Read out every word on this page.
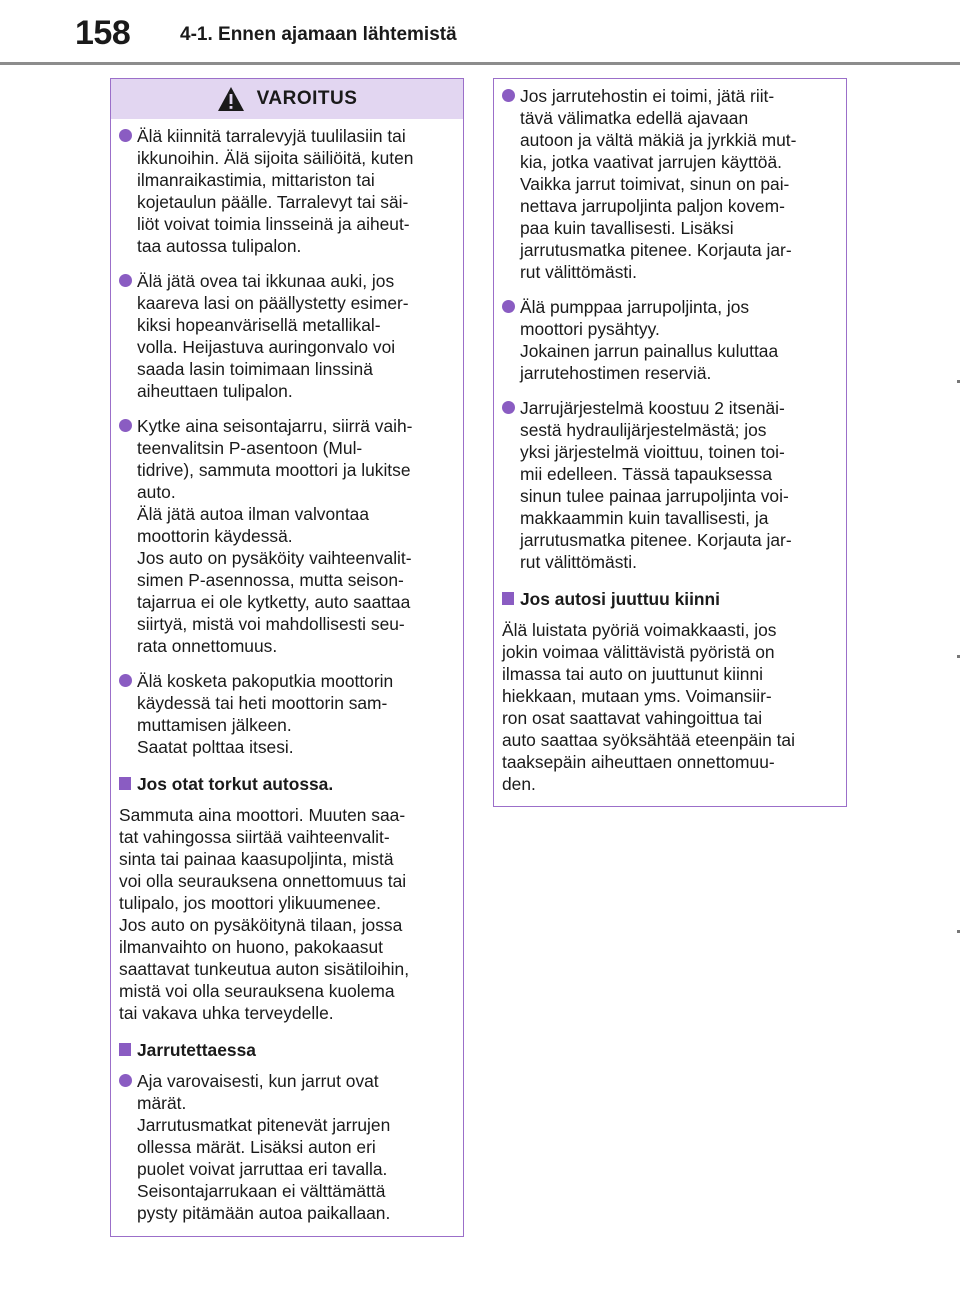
158	4-1. Ennen ajamaan lähtemistä
VAROITUS

Älä kiinnitä tarralevyjä tuulilasiin tai
ikkunoihin. Älä sijoita säiliöitä, kuten
ilmanraikastimia, mittariston tai
kojetaulun päälle. Tarralevyt tai säi-
liöt voivat toimia linsseinä ja aiheut-
taa autossa tulipalon.

Älä jätä ovea tai ikkunaa auki, jos
kaareva lasi on päällystetty esimer-
kiksi hopeanvärisellä metallikal-
volla. Heijastuva auringonvalo voi
saada lasin toimimaan linssinä
aiheuttaen tulipalon.

Kytke aina seisontajarru, siirrä vaih-
teenvalitsin P-asentoon (Mul-
tidrive), sammuta moottori ja lukitse
auto.
Älä jätä autoa ilman valvontaa
moottorin käydessä.
Jos auto on pysäköity vaihteenvalit-
simen P-asennossa, mutta seison-
tajarrua ei ole kytketty, auto saattaa
siirtyä, mistä voi mahdollisesti seu-
rata onnettomuus.

Älä kosketa pakoputkia moottorin
käydessä tai heti moottorin sam-
muttamisen jälkeen.
Saatat polttaa itsesi.

Jos otat torkut autossa.

Sammuta aina moottori. Muuten saa-
tat vahingossa siirtää vaihteenvalit-
sinta tai painaa kaasupoljinta, mistä
voi olla seurauksena onnettomuus tai
tulipalo, jos moottori ylikuumenee.
Jos auto on pysäköitynä tilaan, jossa
ilmanvaihto on huono, pakokaasut
saattavat tunkeutua auton sisätiloihin,
mistä voi olla seurauksena kuolema
tai vakava uhka terveydelle.

Jarrutettaessa

Aja varovaisesti, kun jarrut ovat
märät.
Jarrutusmatkat pitenevät jarrujen
ollessa märät. Lisäksi auton eri
puolet voivat jarruttaa eri tavalla.
Seisontajarrukaan ei välttämättä
pysty pitämään autoa paikallaan.

Jos jarrutehostin ei toimi, jätä riit-
tävä välimatka edellä ajavaan
autoon ja vältä mäkiä ja jyrkkiä mut-
kia, jotka vaativat jarrujen käyttöä.
Vaikka jarrut toimivat, sinun on pai-
nettava jarrupoljinta paljon kovem-
paa kuin tavallisesti. Lisäksi
jarrutusmatka pitenee. Korjauta jar-
rut välittömästi.

Älä pumppaa jarrupoljinta, jos
moottori pysähtyy.
Jokainen jarrun painallus kuluttaa
jarrutehostimen reserviä.

Jarrujärjestelmä koostuu 2 itsenäi-
sestä hydraulijärjestelmästä; jos
yksi järjestelmä vioittuu, toinen toi-
mii edelleen. Tässä tapauksessa
sinun tulee painaa jarrupoljinta voi-
makkaammin kuin tavallisesti, ja
jarrutusmatka pitenee. Korjauta jar-
rut välittömästi.

Jos autosi juuttuu kiinni

Älä luistata pyöriä voimakkaasti, jos
jokin voimaa välittävistä pyöristä on
ilmassa tai auto on juuttunut kiinni
hiekkaan, mutaan yms. Voimansiir-
ron osat saattavat vahingoittua tai
auto saattaa syöksähtää eteenpäin tai
taaksepäin aiheuttaen onnettomuu-
den.
